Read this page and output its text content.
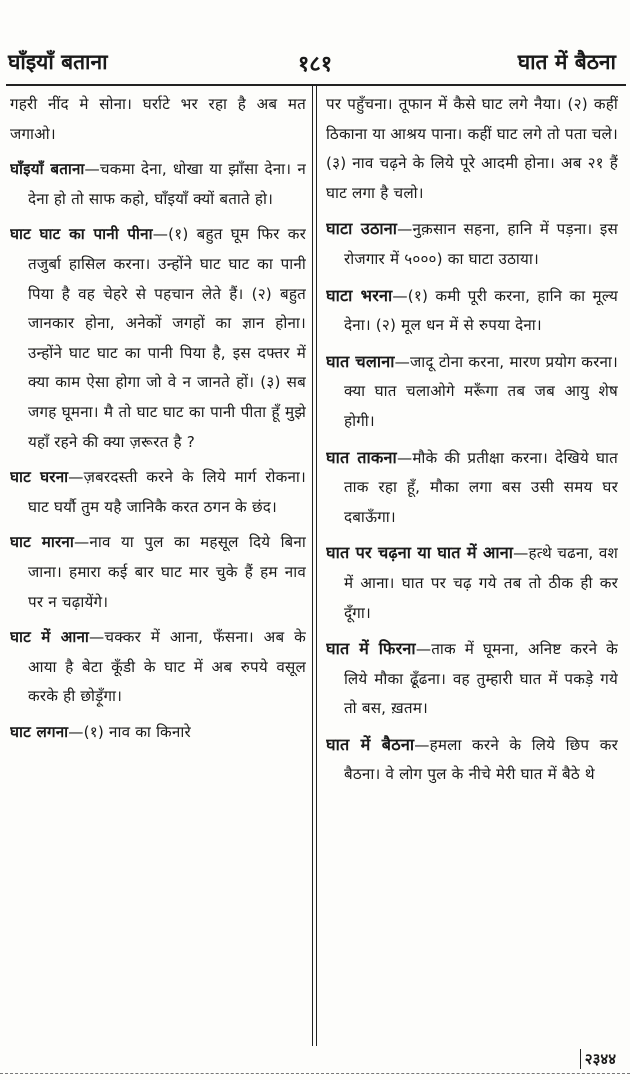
घाँइयाँ बताना	१८१	घात में बैठना
गहरी नींद मे सोना। घर्राटे भर रहा है अब मत जगाओ।
घाँइयाँ बताना—चकमा देना, धोखा या झाँसा देना। न देना हो तो साफ कहो, घाँइयाँ क्यों बताते हो।
घाट घाट का पानी पीना—(१) बहुत घूम फिर कर तजुर्बा हासिल करना। उन्होंने घाट घाट का पानी पिया है वह चेहरे से पहचान लेते हैं। (२) बहुत जानकार होना, अनेकों जगहों का ज्ञान होना। उन्होंने घाट घाट का पानी पिया है, इस दफ्तर में क्या काम ऐसा होगा जो वे न जानते हों। (३) सब जगह घूमना। मै तो घाट घाट का पानी पीता हूँ मुझे यहाँ रहने की क्या ज़रूरत है ?
घाट घरना—ज़बरदस्ती करने के लिये मार्ग रोकना। घाट घर्यौ तुम यहै जानिकै करत ठगन के छंद।
घाट मारना—नाव या पुल का महसूल दिये बिना जाना। हमारा कई बार घाट मार चुके हैं हम नाव पर न चढ़ायेंगे।
घाट में आना—चक्कर में आना, फँसना। अब के आया है बेटा कूँडी के घाट में अब रुपये वसूल करके ही छोड़ूँगा।
घाट लगना—(१) नाव का किनारे
पर पहुँचना। तूफान में कैसे घाट लगे नैया। (२) कहीं ठिकाना या आश्रय पाना। कहीं घाट लगे तो पता चले। (३) नाव चढ़ने के लिये पूरे आदमी होना। अब २१ हैं घाट लगा है चलो।
घाटा उठाना—नुक़सान सहना, हानि में पड़ना। इस रोजगार में ५०००) का घाटा उठाया।
घाटा भरना—(१) कमी पूरी करना, हानि का मूल्य देना। (२) मूल धन में से रुपया देना।
घात चलाना—जादू टोना करना, मारण प्रयोग करना। क्या घात चलाओगे मरूँगा तब जब आयु शेष होगी।
घात ताकना—मौके की प्रतीक्षा करना। देखिये घात ताक रहा हूँ, मौका लगा बस उसी समय घर दबाऊँगा।
घात पर चढ़ना या घात में आना—हत्थे चढना, वश में आना। घात पर चढ़ गये तब तो ठीक ही कर दूँगा।
घात में फिरना—ताक में घूमना, अनिष्ट करने के लिये मौका ढूँढना। वह तुम्हारी घात में पकड़े गये तो बस, ख़तम।
घात में बैठना—हमला करने के लिये छिप कर बैठना। वे लोग पुल के नीचे मेरी घात में बैठे थे
२३४४
